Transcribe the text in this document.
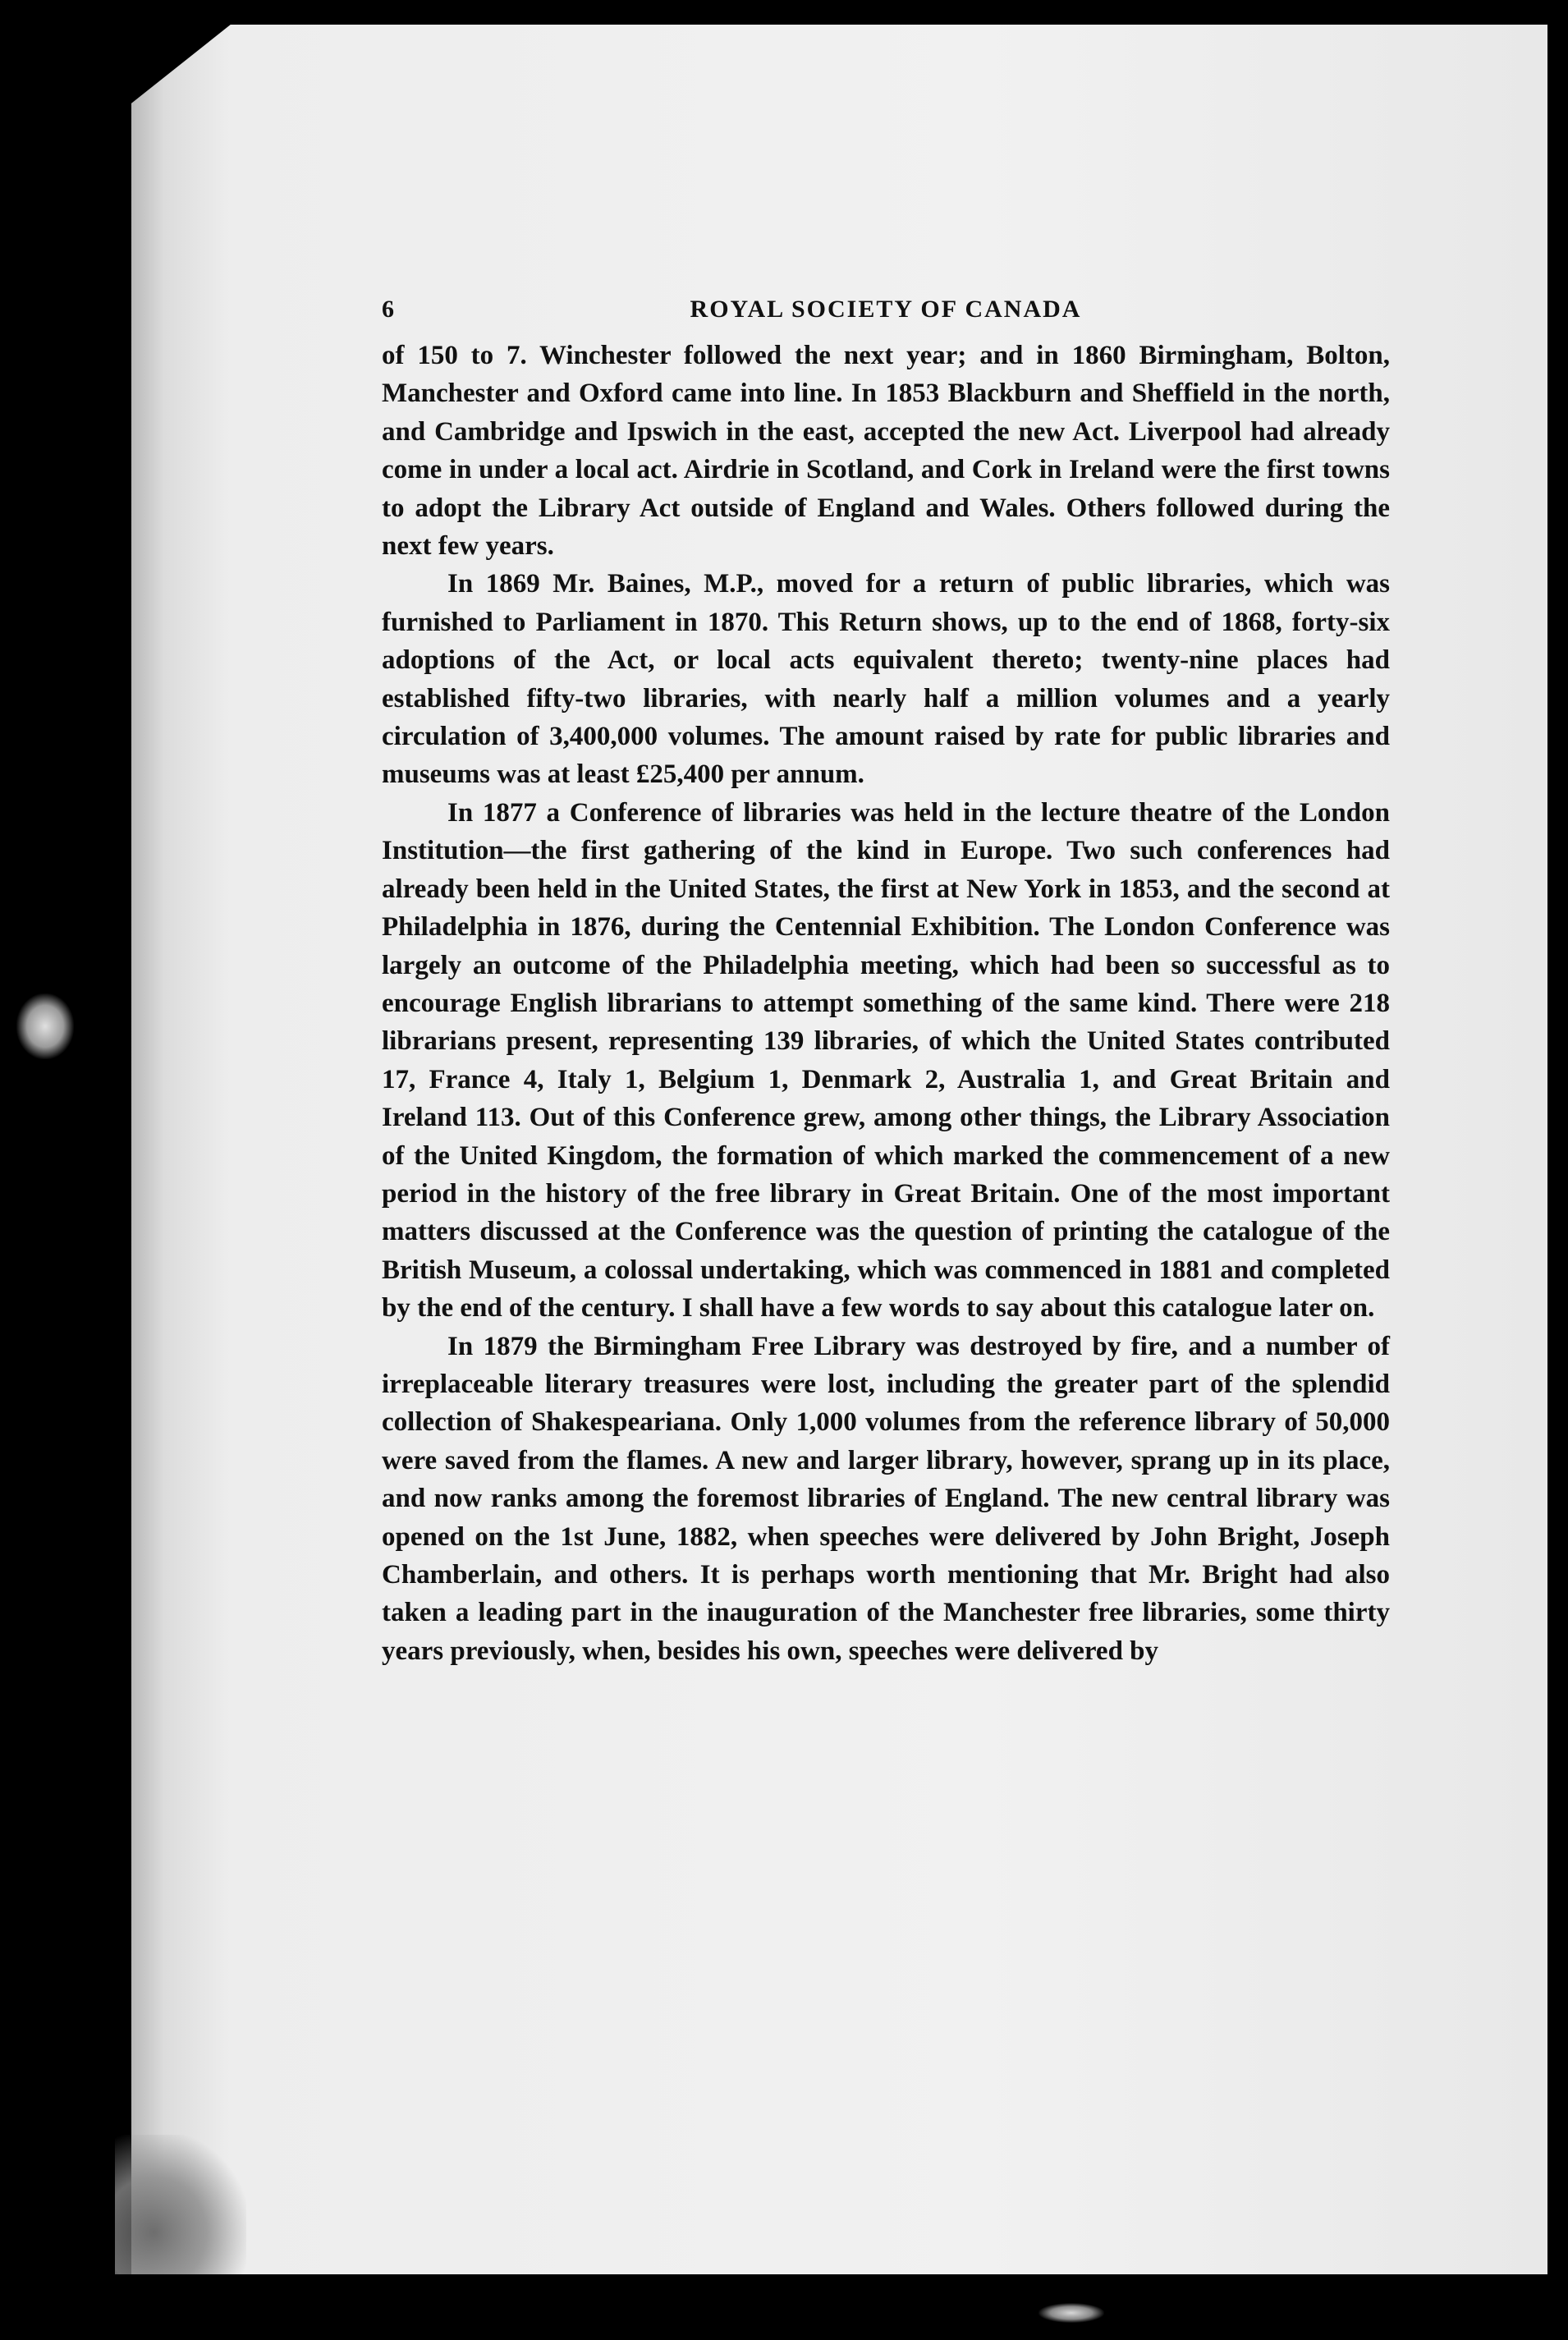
6	ROYAL SOCIETY OF CANADA

of 150 to 7. Winchester followed the next year; and in 1860 Birmingham, Bolton, Manchester and Oxford came into line. In 1853 Blackburn and Sheffield in the north, and Cambridge and Ipswich in the east, accepted the new Act. Liverpool had already come in under a local act. Airdrie in Scotland, and Cork in Ireland were the first towns to adopt the Library Act outside of England and Wales. Others followed during the next few years.

In 1869 Mr. Baines, M.P., moved for a return of public libraries, which was furnished to Parliament in 1870. This Return shows, up to the end of 1868, forty-six adoptions of the Act, or local acts equivalent thereto; twenty-nine places had established fifty-two libraries, with nearly half a million volumes and a yearly circulation of 3,400,000 volumes. The amount raised by rate for public libraries and museums was at least £25,400 per annum.

In 1877 a Conference of libraries was held in the lecture theatre of the London Institution—the first gathering of the kind in Europe. Two such conferences had already been held in the United States, the first at New York in 1853, and the second at Philadelphia in 1876, during the Centennial Exhibition. The London Conference was largely an outcome of the Philadelphia meeting, which had been so successful as to encourage English librarians to attempt something of the same kind. There were 218 librarians present, representing 139 libraries, of which the United States contributed 17, France 4, Italy 1, Belgium 1, Denmark 2, Australia 1, and Great Britain and Ireland 113. Out of this Conference grew, among other things, the Library Association of the United Kingdom, the formation of which marked the commencement of a new period in the history of the free library in Great Britain. One of the most important matters discussed at the Conference was the question of printing the catalogue of the British Museum, a colossal undertaking, which was commenced in 1881 and completed by the end of the century. I shall have a few words to say about this catalogue later on.

In 1879 the Birmingham Free Library was destroyed by fire, and a number of irreplaceable literary treasures were lost, including the greater part of the splendid collection of Shakespeariana. Only 1,000 volumes from the reference library of 50,000 were saved from the flames. A new and larger library, however, sprang up in its place, and now ranks among the foremost libraries of England. The new central library was opened on the 1st June, 1882, when speeches were delivered by John Bright, Joseph Chamberlain, and others. It is perhaps worth mentioning that Mr. Bright had also taken a leading part in the inauguration of the Manchester free libraries, some thirty years previously, when, besides his own, speeches were delivered by
